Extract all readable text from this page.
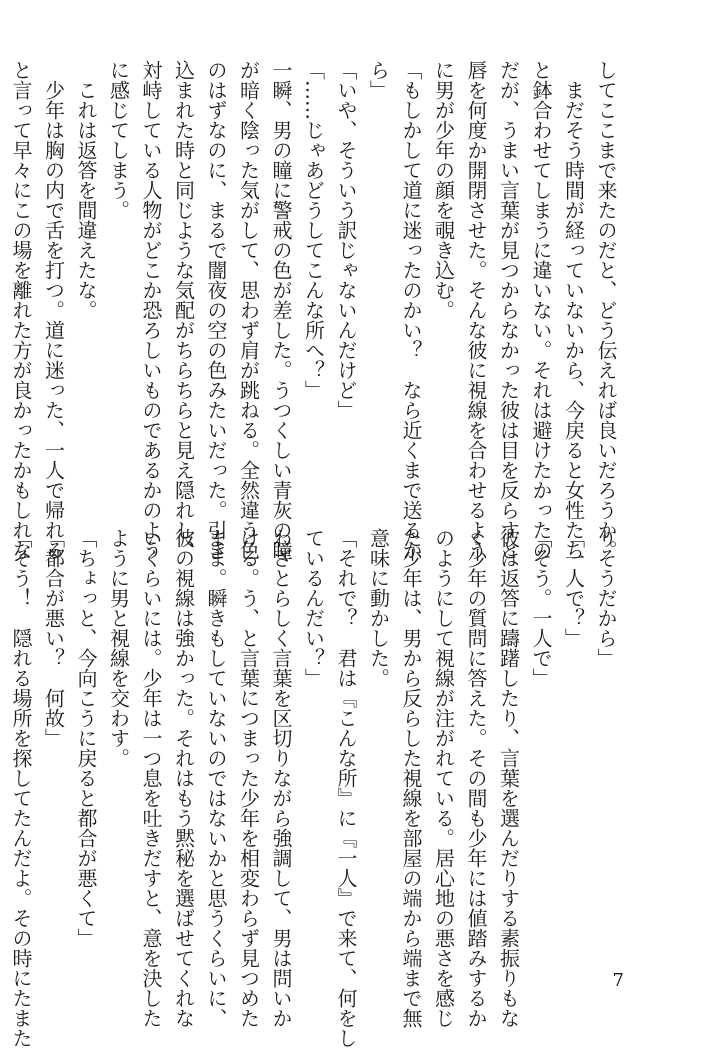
してここまで来たのだと、どう伝えれば良いだろうか。
　まだそう時間が経っていないから、今戻ると女性たち
と鉢合わせてしまうに違いない。それは避けたかったの
だが、うまい言葉が見つからなかった彼は目を反らすと
唇を何度か開閉させた。そんな彼に視線を合わせるよう
に男が少年の顔を覗き込む。
「もしかして道に迷ったのかい？　なら近くまで送るか
ら」
「いや、そういう訳じゃないんだけど」
「……じゃあどうしてこんな所へ？」
一瞬、男の瞳に警戒の色が差した。うつくしい青灰の瞳
が暗く陰った気がして、思わず肩が跳ねる。全然違う色
のはずなのに、まるで闇夜の空の色みたいだった。引き
込まれた時と同じような気配がちらちらと見え隠れし、
対峙している人物がどこか恐ろしいものであるかのよう
に感じてしまう。
　これは返答を間違えたな。
　少年は胸の内で舌を打つ。道に迷った、一人で帰れる
と言って早々にこの場を離れた方が良かったかもしれな
りそうだから」
「一人で？」
「そう。一人で」
彼は返答に躊躇したり、言葉を選んだりする素振りもな
く少年の質問に答えた。その間も少年には値踏みするか
のようにして視線が注がれている。居心地の悪さを感じ
た少年は、男から反らした視線を部屋の端から端まで無
意味に動かした。
「それで？　君は『こんな所』に『一人』で来て、何をし
ているんだい？」
わざとらしく言葉を区切りながら強調して、男は問いか
ける。う、と言葉につまった少年を相変わらず見つめた
まま。瞬きもしていないのではないかと思うくらいに、
彼の視線は強かった。それはもう黙秘を選ばせてくれな
いくらいには。少年は一つ息を吐きだすと、意を決した
ように男と視線を交わす。
「ちょっと、今向こうに戻ると都合が悪くて」
「都合が悪い？　何故」
「そう！　隠れる場所を探してたんだよ。その時にたまた	7
